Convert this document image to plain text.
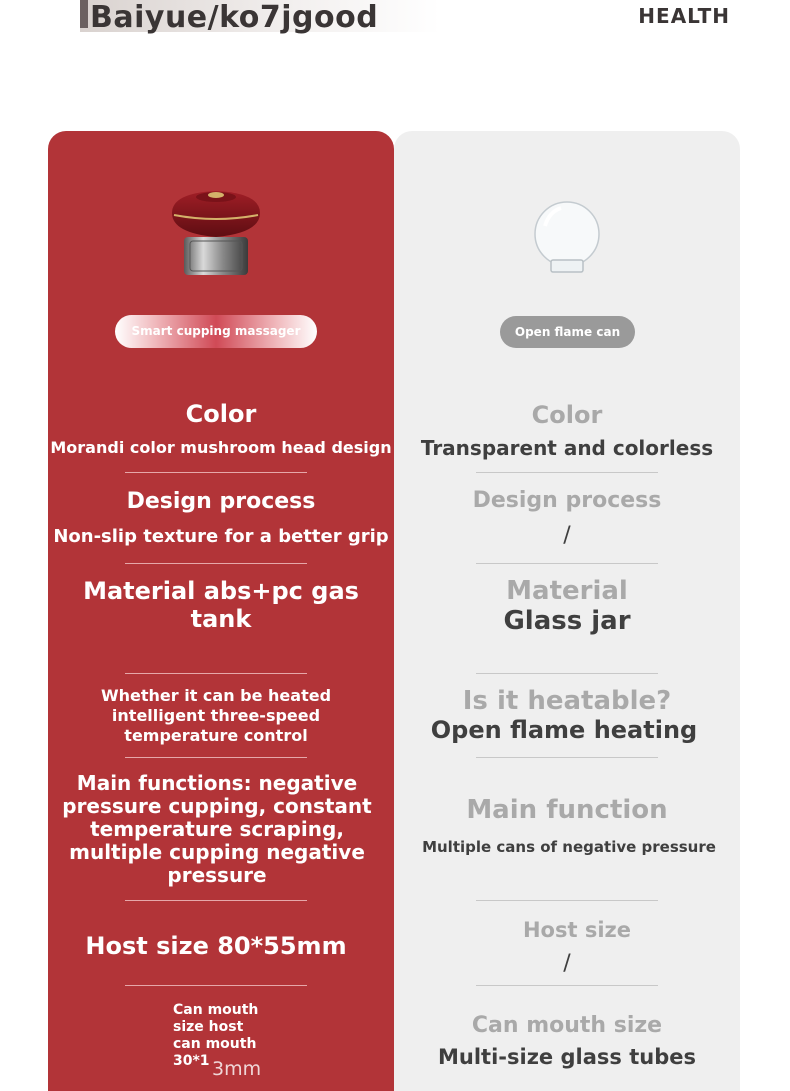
Baiyue/ko7jgood	HEALTH
Smart cupping massager	Open flame can
Color
Morandi color mushroom head design
Design process
Non-slip texture for a better grip
Material abs+pc gas tank
Whether it can be heated intelligent three-speed temperature control
Main functions: negative pressure cupping, constant temperature scraping, multiple cupping negative pressure
Host size 80*55mm
Can mouth size host can mouth 30*1 3mm
Color
Transparent and colorless
Design process
/
Material
Glass jar
Is it heatable?
Open flame heating
Main function
Multiple cans of negative pressure
Host size
/
Can mouth size
Multi-size glass tubes
